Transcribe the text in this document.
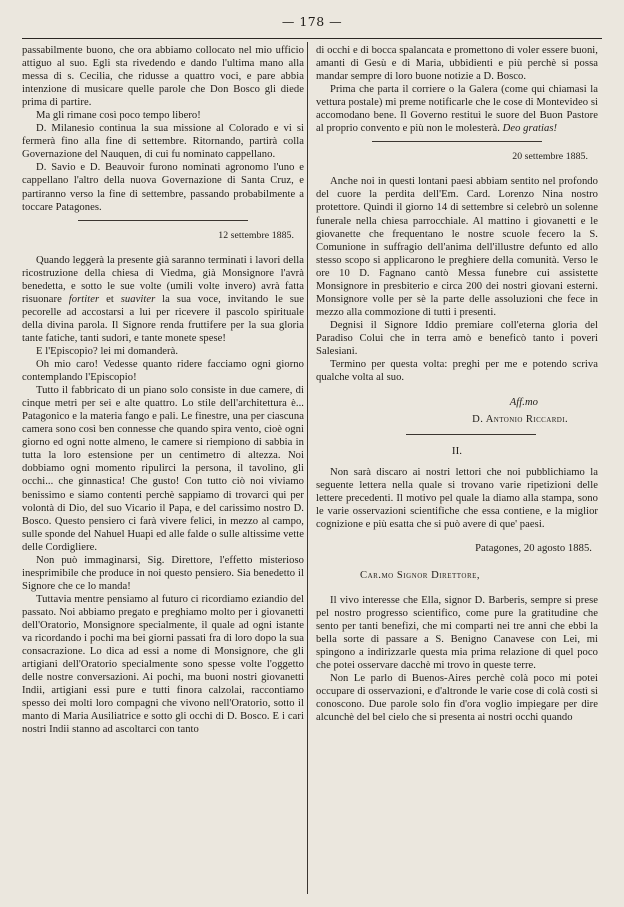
— 178 —

passabilmente buono, che ora abbiamo collocato nel mio ufficio attiguo al suo. Egli sta rivedendo e dando l'ultima mano alla messa di s. Cecilia, che ridusse a quattro voci, e pare abbia intenzione di musicare quelle parole che Don Bosco gli diede prima di partire.

Ma gli rimane così poco tempo libero!

D. Milanesio continua la sua missione al Colorado e vi si fermerà fino alla fine di settembre. Ritornando, partirà colla Governazione del Nauquen, di cui fu nominato cappellano.

D. Savio e D. Beauvoir furono nominati agronomo l'uno e cappellano l'altro della nuova Governazione di Santa Cruz, e partiranno verso la fine di settembre, passando probabilmente a toccare Patagones.

12 settembre 1885.

Quando leggerà la presente già saranno terminati i lavori della ricostruzione della chiesa di Viedma, già Monsignore l'avrà benedetta, e sotto le sue volte (umili volte invero) avrà fatta risuonare fortiter et suaviter la sua voce, invitando le sue pecorelle ad accostarsi a lui per ricevere il pascolo spirituale della divina parola. Il Signore renda fruttifere per la sua gloria tante fatiche, tanti sudori, e tante monete spese!

E l'Episcopio? lei mi domanderà.

Oh mio caro! Vedesse quanto ridere facciamo ogni giorno contemplando l'Episcopio!

Tutto il fabbricato di un piano solo consiste in due camere, di cinque metri per sei e alte quattro. Lo stile dell'architettura è... Patagonico e la materia fango e pali. Le finestre, una per ciascuna camera sono così ben connesse che quando spira vento, cioè ogni giorno ed ogni notte almeno, le camere si riempiono di sabbia in tutta la loro estensione per un centimetro di altezza. Noi dobbiamo ogni momento ripulirci la persona, il tavolino, gli occhi... che ginnastica! Che gusto! Con tutto ciò noi viviamo benissimo e siamo contenti perchè sappiamo di trovarci qui per volontà di Dio, del suo Vicario il Papa, e del carissimo nostro D. Bosco. Questo pensiero ci farà vivere felici, in mezzo al campo, sulle sponde del Nahuel Huapi ed alle falde o sulle altissime vette delle Cordigliere.

Non può immaginarsi, Sig. Direttore, l'effetto misterioso inesprimibile che produce in noi questo pensiero. Sia benedetto il Signore che ce lo manda!

Tuttavia mentre pensiamo al futuro ci ricordiamo eziandio del passato. Noi abbiamo pregato e preghiamo molto per i giovanetti dell'Oratorio, Monsignore specialmente, il quale ad ogni istante va ricordando i pochi ma bei giorni passati fra di loro dopo la sua consacrazione. Lo dica ad essi a nome di Monsignore, che gli artigiani dell'Oratorio specialmente sono spesse volte l'oggetto delle nostre conversazioni. Ai pochi, ma buoni nostri giovanetti Indii, artigiani essi pure e tutti finora calzolai, raccontiamo spesso dei molti loro compagni che vivono nell'Oratorio, sotto il manto di Maria Ausiliatrice e sotto gli occhi di D. Bosco. E i cari nostri Indii stanno ad ascoltarci con tanto

di occhi e di bocca spalancata e promettono di voler essere buoni, amanti di Gesù e di Maria, ubbidienti e più perchè si possa mandar sempre di loro buone notizie a D. Bosco.

Prima che parta il corriere o la Galera (come qui chiamasi la vettura postale) mi preme notificarle che le cose di Montevideo si accomodano bene. Il Governo restituì le suore del Buon Pastore al proprio convento e più non le molesterà. Deo gratias!

20 settembre 1885.

Anche noi in questi lontani paesi abbiam sentito nel profondo del cuore la perdita dell'Em. Card. Lorenzo Nina nostro protettore. Quindi il giorno 14 di settembre si celebrò un solenne funerale nella chiesa parrocchiale. Al mattino i giovanetti e le giovanette che frequentano le nostre scuole fecero la S. Comunione in suffragio dell'anima dell'illustre defunto ed allo stesso scopo si applicarono le preghiere della comunità. Verso le ore 10 D. Fagnano cantò Messa funebre cui assistette Monsignore in presbiterio e circa 200 dei nostri giovani esterni. Monsignore volle per sè la parte delle assoluzioni che fece in mezzo alla commozione di tutti i presenti.

Degnisi il Signore Iddio premiare coll'eterna gloria del Paradiso Colui che in terra amò e beneficò tanto i poveri Salesiani.

Termino per questa volta: preghi per me e potendo scriva qualche volta al suo.

Aff.mo

D. Antonio Riccardi.

II.

Non sarà discaro ai nostri lettori che noi pubblichiamo la seguente lettera nella quale si trovano varie ripetizioni delle lettere precedenti. Il motivo pel quale la diamo alla stampa, sono le varie osservazioni scientifiche che essa contiene, e la miglior cognizione e più esatta che si può avere di que' paesi.

Patagones, 20 agosto 1885.

Car.mo Signor Direttore,

Il vivo interesse che Ella, signor D. Barberis, sempre si prese pel nostro progresso scientifico, come pure la gratitudine che sento per tanti benefizi, che mi comparti nei tre anni che ebbi la bella sorte di passare a S. Benigno Canavese con Lei, mi spingono a indirizzarle questa mia prima relazione di quel poco che potei osservare dacchè mi trovo in queste terre.

Non Le parlo di Buenos-Aires perchè colà poco mi potei occupare di osservazioni, e d'altronde le varie cose di colà costì si conoscono. Due parole solo fin d'ora voglio impiegare per dire alcunchè del bel cielo che si presenta ai nostri occhi quando
